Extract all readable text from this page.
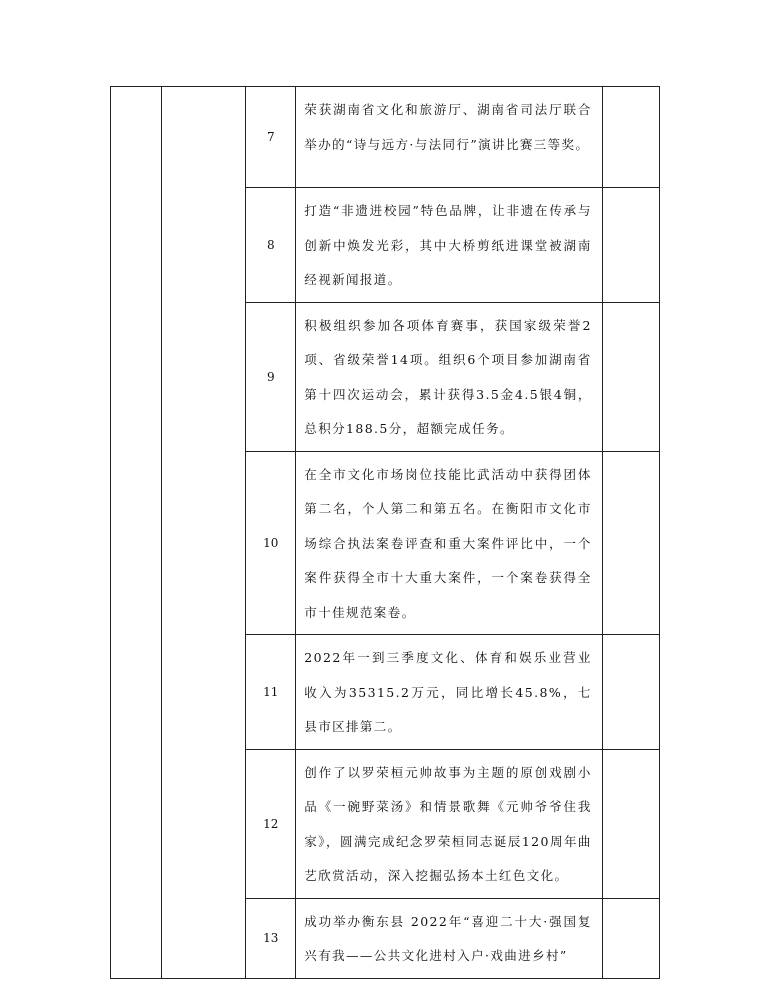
		7	荣获湖南省文化和旅游厅、湖南省司法厅联合举办的“诗与远方·与法同行”演讲比赛三等奖。	
		8	打造“非遗进校园”特色品牌，让非遗在传承与创新中焕发光彩，其中大桥剪纸进课堂被湖南经视新闻报道。	
		9	积极组织参加各项体育赛事，获国家级荣誉2项、省级荣誉14项。组织6个项目参加湖南省第十四次运动会，累计获得3.5金4.5银4铜，总积分188.5分，超额完成任务。	
		10	在全市文化市场岗位技能比武活动中获得团体第二名，个人第二和第五名。在衡阳市文化市场综合执法案卷评查和重大案件评比中，一个案件获得全市十大重大案件，一个案卷获得全市十佳规范案卷。	
		11	2022年一到三季度文化、体育和娱乐业营业收入为35315.2万元，同比增长45.8%，七县市区排第二。	
		12	创作了以罗荣桓元帅故事为主题的原创戏剧小品《一碗野菜汤》和情景歌舞《元帅爷爷住我家》，圆满完成纪念罗荣桓同志诞辰120周年曲艺欣赏活动，深入挖掘弘扬本土红色文化。	
		13	成功举办衡东县 2022年“喜迎二十大·强国复兴有我——公共文化进村入户·戏曲进乡村”	
